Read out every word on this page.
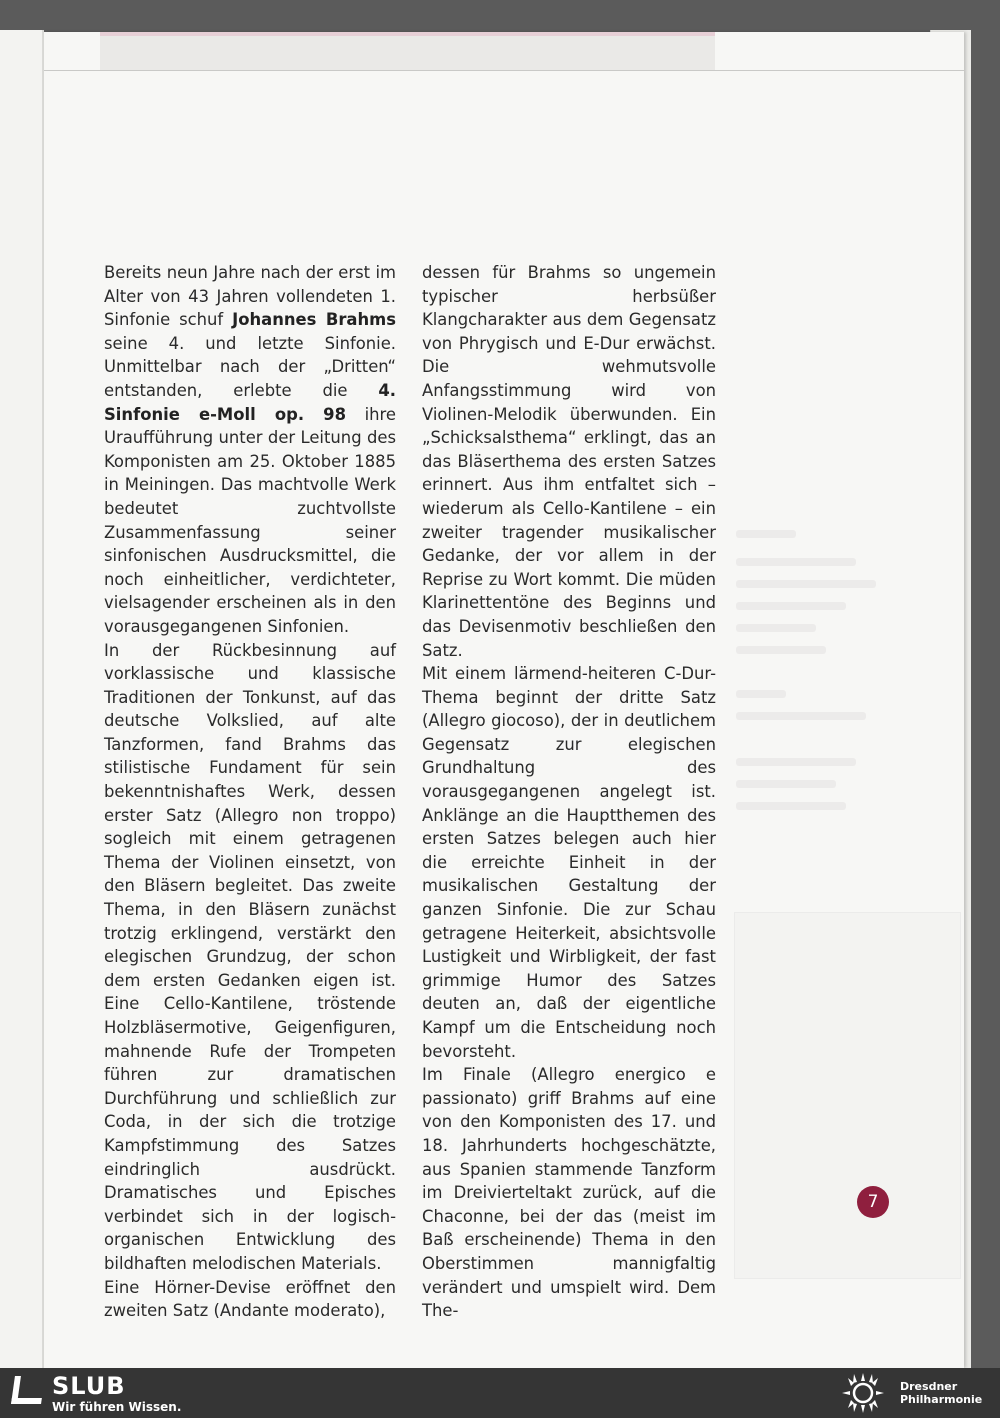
Bereits neun Jahre nach der erst im Alter von 43 Jahren vollendeten 1. Sinfonie schuf Johannes Brahms seine 4. und letzte Sinfonie. Unmittelbar nach der „Dritten“ entstanden, erlebte die 4. Sinfonie e-Moll op. 98 ihre Uraufführung unter der Leitung des Komponisten am 25. Oktober 1885 in Meiningen. Das machtvolle Werk bedeutet zuchtvollste Zusammenfassung seiner sinfonischen Ausdrucksmittel, die noch einheitlicher, verdichteter, vielsagender erscheinen als in den vorausgegangenen Sinfonien.

In der Rückbesinnung auf vorklassische und klassische Traditionen der Tonkunst, auf das deutsche Volkslied, auf alte Tanzformen, fand Brahms das stilistische Fundament für sein bekenntnishaftes Werk, dessen erster Satz (Allegro non troppo) sogleich mit einem getragenen Thema der Violinen einsetzt, von den Bläsern begleitet. Das zweite Thema, in den Bläsern zunächst trotzig erklingend, verstärkt den elegischen Grundzug, der schon dem ersten Gedanken eigen ist. Eine Cello-Kantilene, tröstende Holzbläsermotive, Geigenfiguren, mahnende Rufe der Trompeten führen zur dramatischen Durchführung und schließlich zur Coda, in der sich die trotzige Kampfstimmung des Satzes eindringlich ausdrückt. Dramatisches und Episches verbindet sich in der logisch-organischen Entwicklung des bildhaften melodischen Materials.

Eine Hörner-Devise eröffnet den zweiten Satz (Andante moderato),

dessen für Brahms so ungemein typischer herbsüßer Klangcharakter aus dem Gegensatz von Phrygisch und E-Dur erwächst. Die wehmutsvolle Anfangsstimmung wird von Violinen-Melodik überwunden. Ein „Schicksalsthema“ erklingt, das an das Bläserthema des ersten Satzes erinnert. Aus ihm entfaltet sich – wiederum als Cello-Kantilene – ein zweiter tragender musikalischer Gedanke, der vor allem in der Reprise zu Wort kommt. Die müden Klarinettentöne des Beginns und das Devisenmotiv beschließen den Satz.

Mit einem lärmend-heiteren C-Dur-Thema beginnt der dritte Satz (Allegro giocoso), der in deutlichem Gegensatz zur elegischen Grundhaltung des vorausgegangenen angelegt ist. Anklänge an die Hauptthemen des ersten Satzes belegen auch hier die erreichte Einheit in der musikalischen Gestaltung der ganzen Sinfonie. Die zur Schau getragene Heiterkeit, absichtsvolle Lustigkeit und Wirbligkeit, der fast grimmige Humor des Satzes deuten an, daß der eigentliche Kampf um die Entscheidung noch bevorsteht.

Im Finale (Allegro energico e passionato) griff Brahms auf eine von den Komponisten des 17. und 18. Jahrhunderts hochgeschätzte, aus Spanien stammende Tanzform im Dreivierteltakt zurück, auf die Chaconne, bei der das (meist im Baß erscheinende) Thema in den Oberstimmen mannigfaltig verändert und umspielt wird. Dem The-

7
SLUB
Wir führen Wissen.
Dresdner
Philharmonie
